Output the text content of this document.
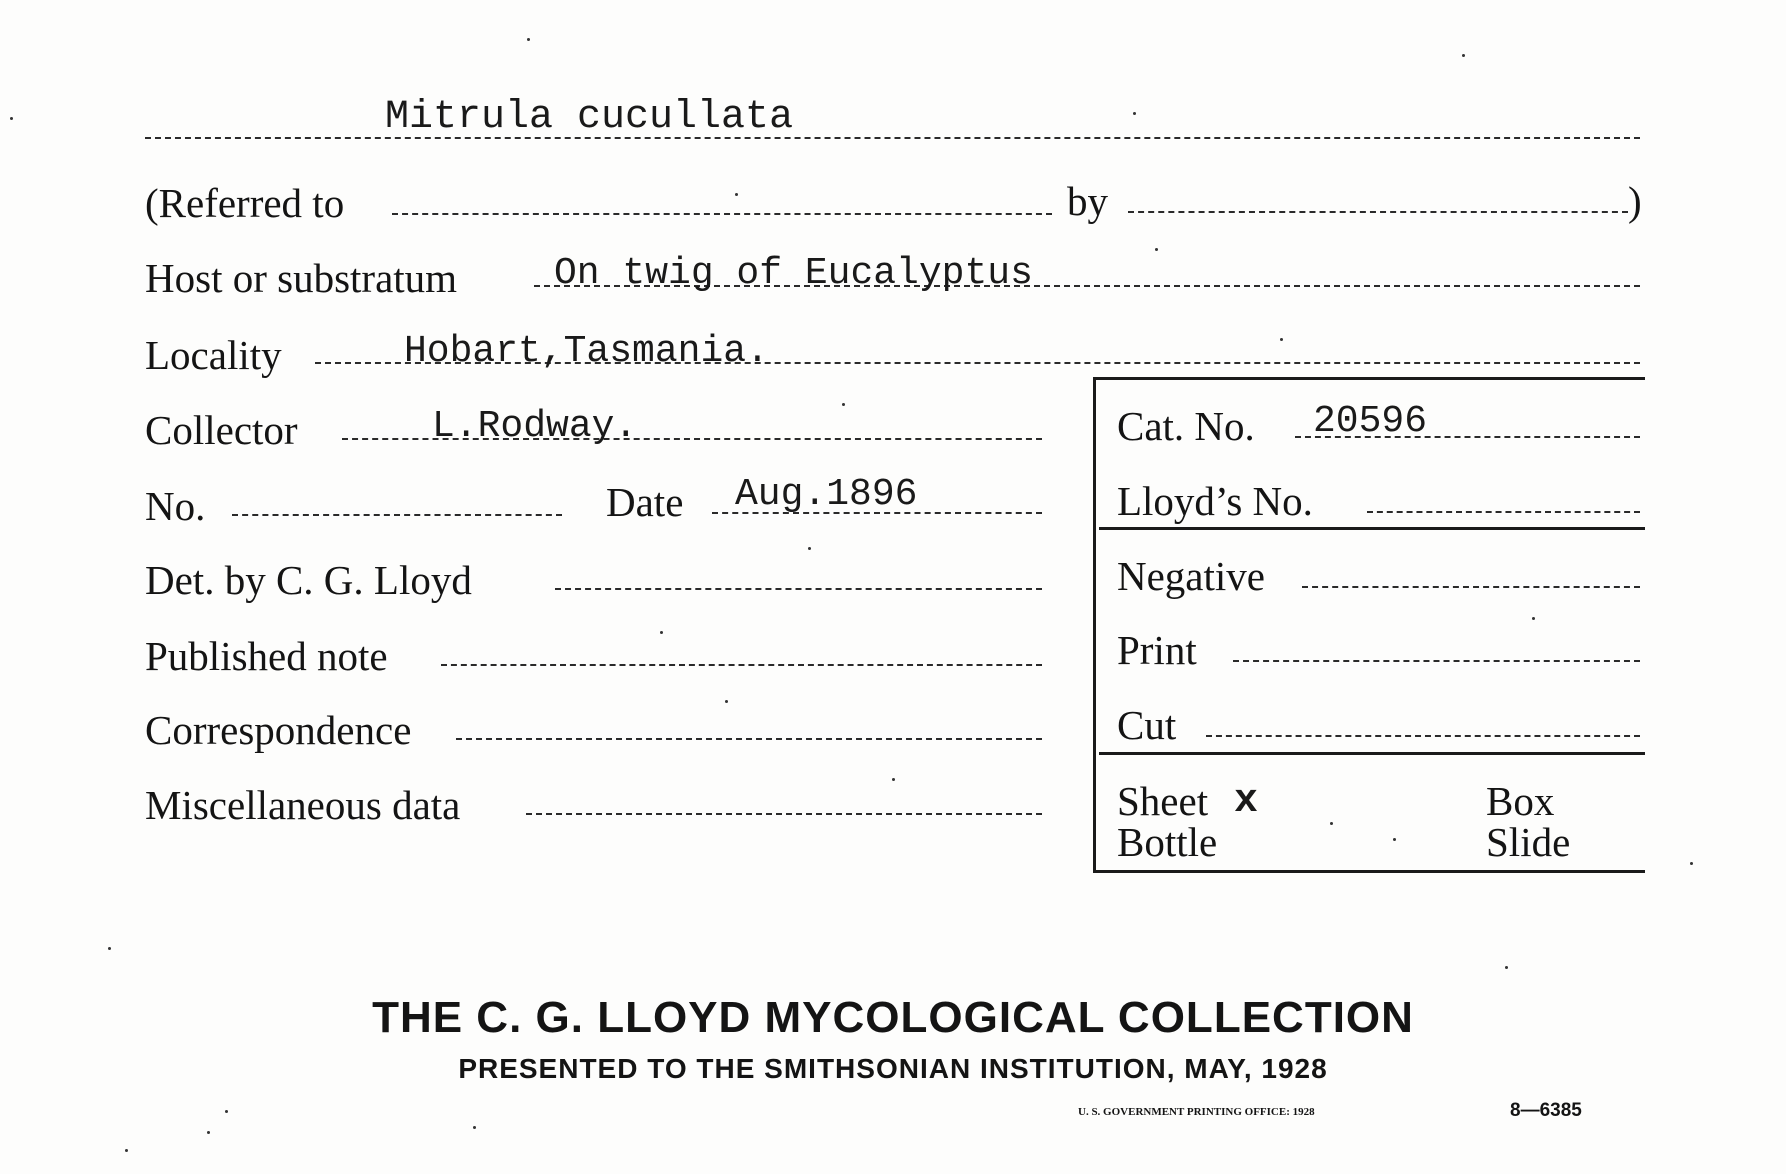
Mitrula cucullata
(Referred to	by	)
Host or substratum	On twig of Eucalyptus
Locality	Hobart,Tasmania.
Collector	L.Rodway.
No.	Date Aug.1896
Det. by C. G. Lloyd
Published note
Correspondence
Miscellaneous data
Cat. No. 20596
Lloyd’s No.
Negative
Print
Cut
Sheet x	Box
Bottle	Slide
THE C. G. LLOYD MYCOLOGICAL COLLECTION
PRESENTED TO THE SMITHSONIAN INSTITUTION, MAY, 1928
U. S. GOVERNMENT PRINTING OFFICE: 1928	8—6385
